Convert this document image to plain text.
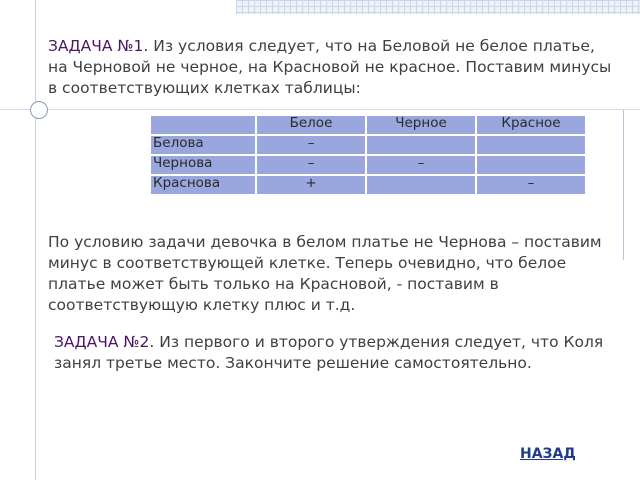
ЗАДАЧА №1. Из условия следует, что на Беловой не белое платье, на Черновой не черное, на Красновой не красное. Поставим минусы в соответствующих клетках таблицы:

	Белое	Черное	Красное
Белова	–		
Чернова	–	–	
Краснова	+		–

По условию задачи девочка в белом платье не Чернова – поставим минус в соответствующей клетке. Теперь очевидно, что белое платье может быть только на Красновой, - поставим в соответствующую клетку плюс и т.д.

ЗАДАЧА №2. Из первого и второго утверждения следует, что Коля занял третье место. Закончите решение самостоятельно.

НАЗАД
